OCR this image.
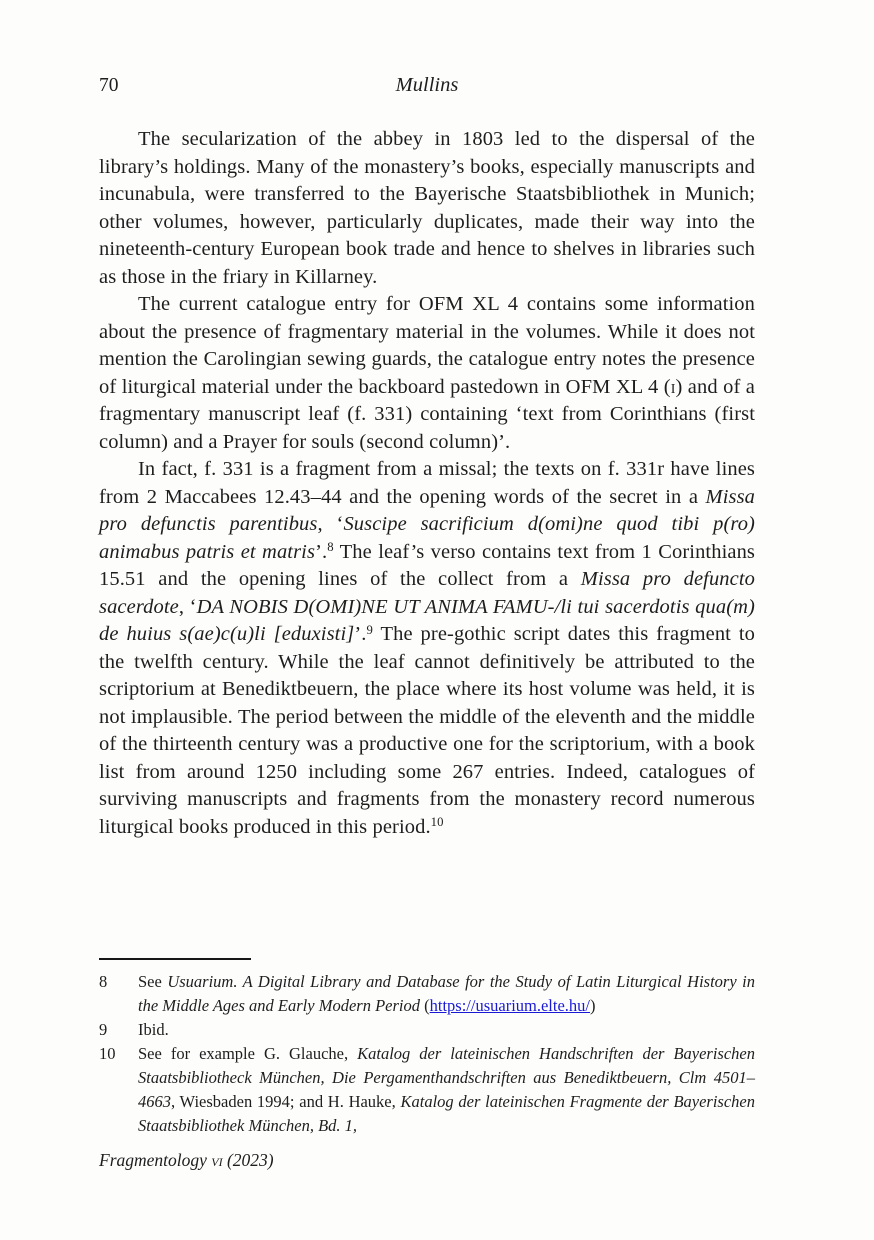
70	Mullins

The secularization of the abbey in 1803 led to the dispersal of the library’s holdings. Many of the monastery’s books, especially manuscripts and incunabula, were transferred to the Bayerische Staatsbibliothek in Munich; other volumes, however, particularly duplicates, made their way into the nineteenth-century European book trade and hence to shelves in libraries such as those in the friary in Killarney.

The current catalogue entry for OFM XL 4 contains some information about the presence of fragmentary material in the volumes. While it does not mention the Carolingian sewing guards, the catalogue entry notes the presence of liturgical material under the backboard pastedown in OFM XL 4 (i) and of a fragmentary manuscript leaf (f. 331) containing ‘text from Corinthians (first column) and a Prayer for souls (second column)’.

In fact, f. 331 is a fragment from a missal; the texts on f. 331r have lines from 2 Maccabees 12.43–44 and the opening words of the secret in a Missa pro defunctis parentibus, ‘Suscipe sacrificium d(omi)ne quod tibi p(ro) animabus patris et matris’.$^8$ The leaf’s verso contains text from 1 Corinthians 15.51 and the opening lines of the collect from a Missa pro defuncto sacerdote, ‘DA NOBIS D(OMI)NE UT ANIMA FAMU-/li tui sacerdotis qua(m) de huius s(ae)c(u)li [eduxisti]’.$^9$ The pre-gothic script dates this fragment to the twelfth century. While the leaf cannot definitively be attributed to the scriptorium at Benediktbeuern, the place where its host volume was held, it is not implausible. The period between the middle of the eleventh and the middle of the thirteenth century was a productive one for the scriptorium, with a book list from around 1250 including some 267 entries. Indeed, catalogues of surviving manuscripts and fragments from the monastery record numerous liturgical books produced in this period.$^{10}$

8 See Usuarium. A Digital Library and Database for the Study of Latin Liturgical History in the Middle Ages and Early Modern Period (https://usuarium.elte.hu/)
9 Ibid.
10 See for example G. Glauche, Katalog der lateinischen Handschriften der Bayerischen Staatsbibliotheck München, Die Pergamenthandschriften aus Benediktbeuern, Clm 4501–4663, Wiesbaden 1994; and H. Hauke, Katalog der lateinischen Fragmente der Bayerischen Staatsbibliothek München, Bd. 1,
Fragmentology vi (2023)
